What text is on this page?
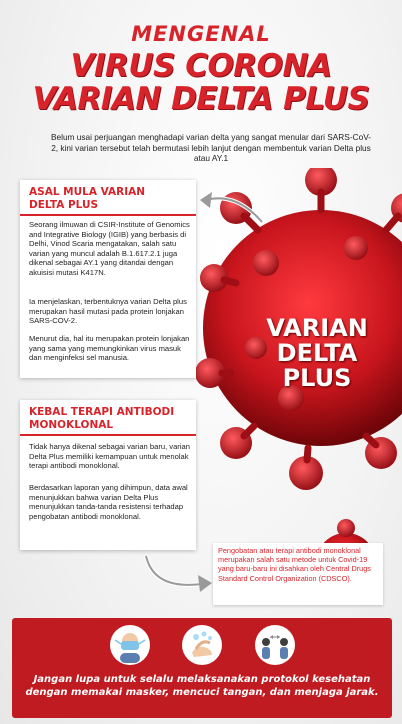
MENGENAL
VIRUS CORONA
VARIAN DELTA PLUS
Belum usai perjuangan menghadapi varian delta yang sangat menular dari SARS-CoV-2, kini varian tersebut telah bermutasi lebih lanjut dengan membentuk varian Delta plus atau AY.1
VARIAN
DELTA
PLUS
ASAL MULA VARIAN
DELTA PLUS

Seorang ilmuwan di CSIR-Institute of Genomics and Integrative Biology (IGIB) yang berbasis di Delhi, Vinod Scaria mengatakan, salah satu varian yang muncul adalah B.1.617.2.1 juga dikenal sebagai AY.1 yang ditandai dengan akuisisi mutasi K417N.

Ia menjelaskan, terbentuknya varian Delta plus merupakan hasil mutasi pada protein lonjakan SARS-COV-2.

Menurut dia, hal itu merupakan protein lonjakan yang sama yang memungkinkan virus masuk dan menginfeksi sel manusia.

KEBAL TERAPI ANTIBODI MONOKLONAL

Tidak hanya dikenal sebagai varian baru, varian Delta Plus memiliki kemampuan untuk menolak terapi antibodi monoklonal.

Berdasarkan laporan yang dihimpun, data awal menunjukkan bahwa varian Delta Plus menunjukkan tanda-tanda resistensi terhadap pengobatan antibodi monoklonal.

Pengobatan atau terapi antibodi monoklonal merupakan salah satu metode untuk Covid-19 yang baru-baru ini disahkan oleh Central Drugs Standard Control Organization (CDSCO).

Jangan lupa untuk selalu melaksanakan protokol kesehatan dengan memakai masker, mencuci tangan, dan menjaga jarak.
